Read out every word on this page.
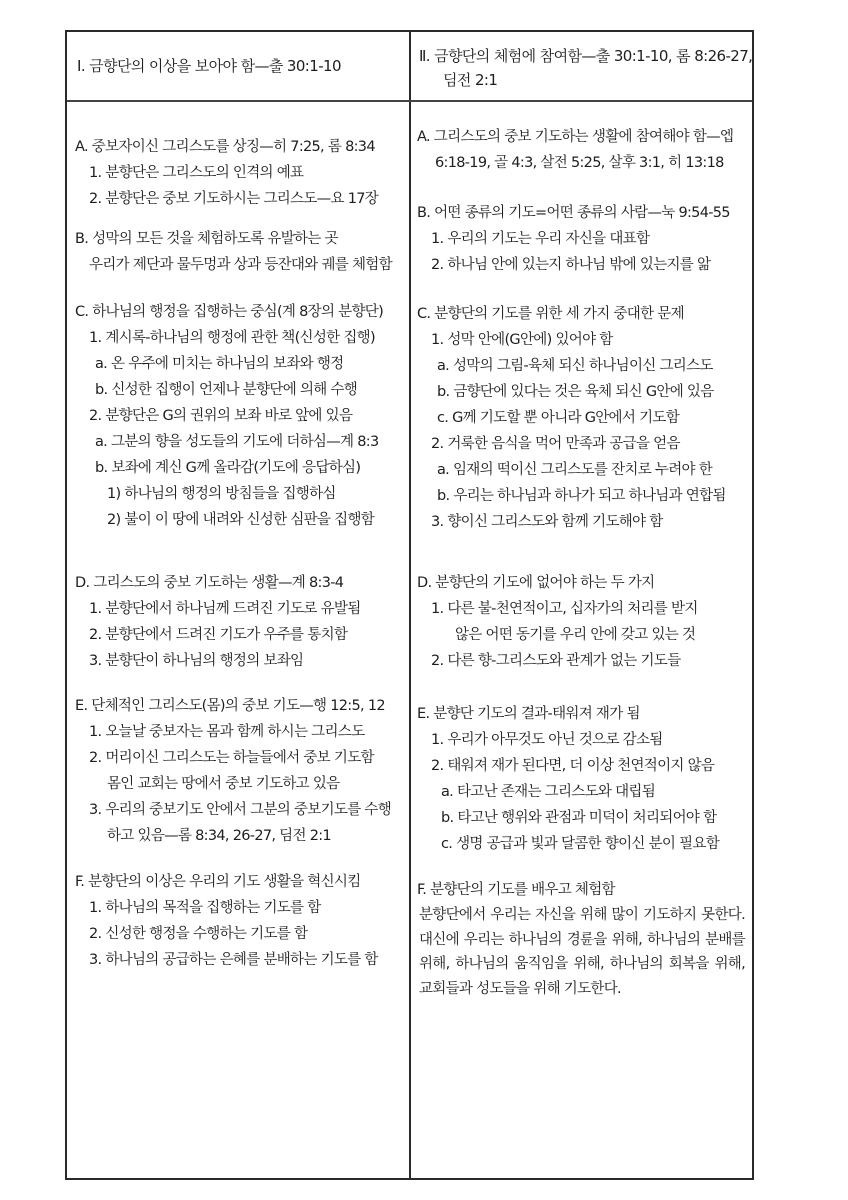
Ⅰ. 금향단의 이상을 보아야 함—출 30:1-10
Ⅱ. 금향단의 체험에 참여함—출 30:1-10, 롬 8:26-27,
딤전 2:1
A. 중보자이신 그리스도를 상징—히 7:25, 롬 8:34
1. 분향단은 그리스도의 인격의 예표
2. 분향단은 중보 기도하시는 그리스도—요 17장
B. 성막의 모든 것을 체험하도록 유발하는 곳
우리가 제단과 물두멍과 상과 등잔대와 궤를 체험함
C. 하나님의 행정을 집행하는 중심(계 8장의 분향단)
1. 계시록-하나님의 행정에 관한 책(신성한 집행)
a. 온 우주에 미치는 하나님의 보좌와 행정
b. 신성한 집행이 언제나 분향단에 의해 수행
2. 분향단은 G의 권위의 보좌 바로 앞에 있음
a. 그분의 향을 성도들의 기도에 더하심—계 8:3
b. 보좌에 계신 G께 올라감(기도에 응답하심)
1) 하나님의 행정의 방침들을 집행하심
2) 불이 이 땅에 내려와 신성한 심판을 집행함
D. 그리스도의 중보 기도하는 생활—계 8:3-4
1. 분향단에서 하나님께 드려진 기도로 유발됨
2. 분향단에서 드려진 기도가 우주를 통치함
3. 분향단이 하나님의 행정의 보좌임
E. 단체적인 그리스도(몸)의 중보 기도—행 12:5, 12
1. 오늘날 중보자는 몸과 함께 하시는 그리스도
2. 머리이신 그리스도는 하늘들에서 중보 기도함
몸인 교회는 땅에서 중보 기도하고 있음
3. 우리의 중보기도 안에서 그분의 중보기도를 수행
하고 있음—롬 8:34, 26-27, 딤전 2:1
F. 분향단의 이상은 우리의 기도 생활을 혁신시킴
1. 하나님의 목적을 집행하는 기도를 함
2. 신성한 행정을 수행하는 기도를 함
3. 하나님의 공급하는 은혜를 분배하는 기도를 함
A. 그리스도의 중보 기도하는 생활에 참여해야 함—엡
6:18-19, 골 4:3, 살전 5:25, 살후 3:1, 히 13:18
B. 어떤 종류의 기도=어떤 종류의 사람—눅 9:54-55
1. 우리의 기도는 우리 자신을 대표함
2. 하나님 안에 있는지 하나님 밖에 있는지를 앎
C. 분향단의 기도를 위한 세 가지 중대한 문제
1. 성막 안에(G안에) 있어야 함
a. 성막의 그림-육체 되신 하나님이신 그리스도
b. 금향단에 있다는 것은 육체 되신 G안에 있음
c. G께 기도할 뿐 아니라 G안에서 기도함
2. 거룩한 음식을 먹어 만족과 공급을 얻음
a. 임재의 떡이신 그리스도를 잔치로 누려야 한
b. 우리는 하나님과 하나가 되고 하나님과 연합됨
3. 향이신 그리스도와 함께 기도해야 함
D. 분향단의 기도에 없어야 하는 두 가지
1. 다른 불-천연적이고, 십자가의 처리를 받지
않은 어떤 동기를 우리 안에 갖고 있는 것
2. 다른 향-그리스도와 관계가 없는 기도들
E. 분향단 기도의 결과-태워져 재가 됨
1. 우리가 아무것도 아닌 것으로 감소됨
2. 태워져 재가 된다면, 더 이상 천연적이지 않음
a. 타고난 존재는 그리스도와 대립됨
b. 타고난 행위와 관점과 미덕이 처리되어야 함
c. 생명 공급과 빛과 달콤한 향이신 분이 필요함
F. 분향단의 기도를 배우고 체험함
분향단에서 우리는 자신을 위해 많이 기도하지 못한다. 대신에 우리는 하나님의 경륜을 위해, 하나님의 분배를 위해, 하나님의 움직임을 위해, 하나님의 회복을 위해, 교회들과 성도들을 위해 기도한다.
